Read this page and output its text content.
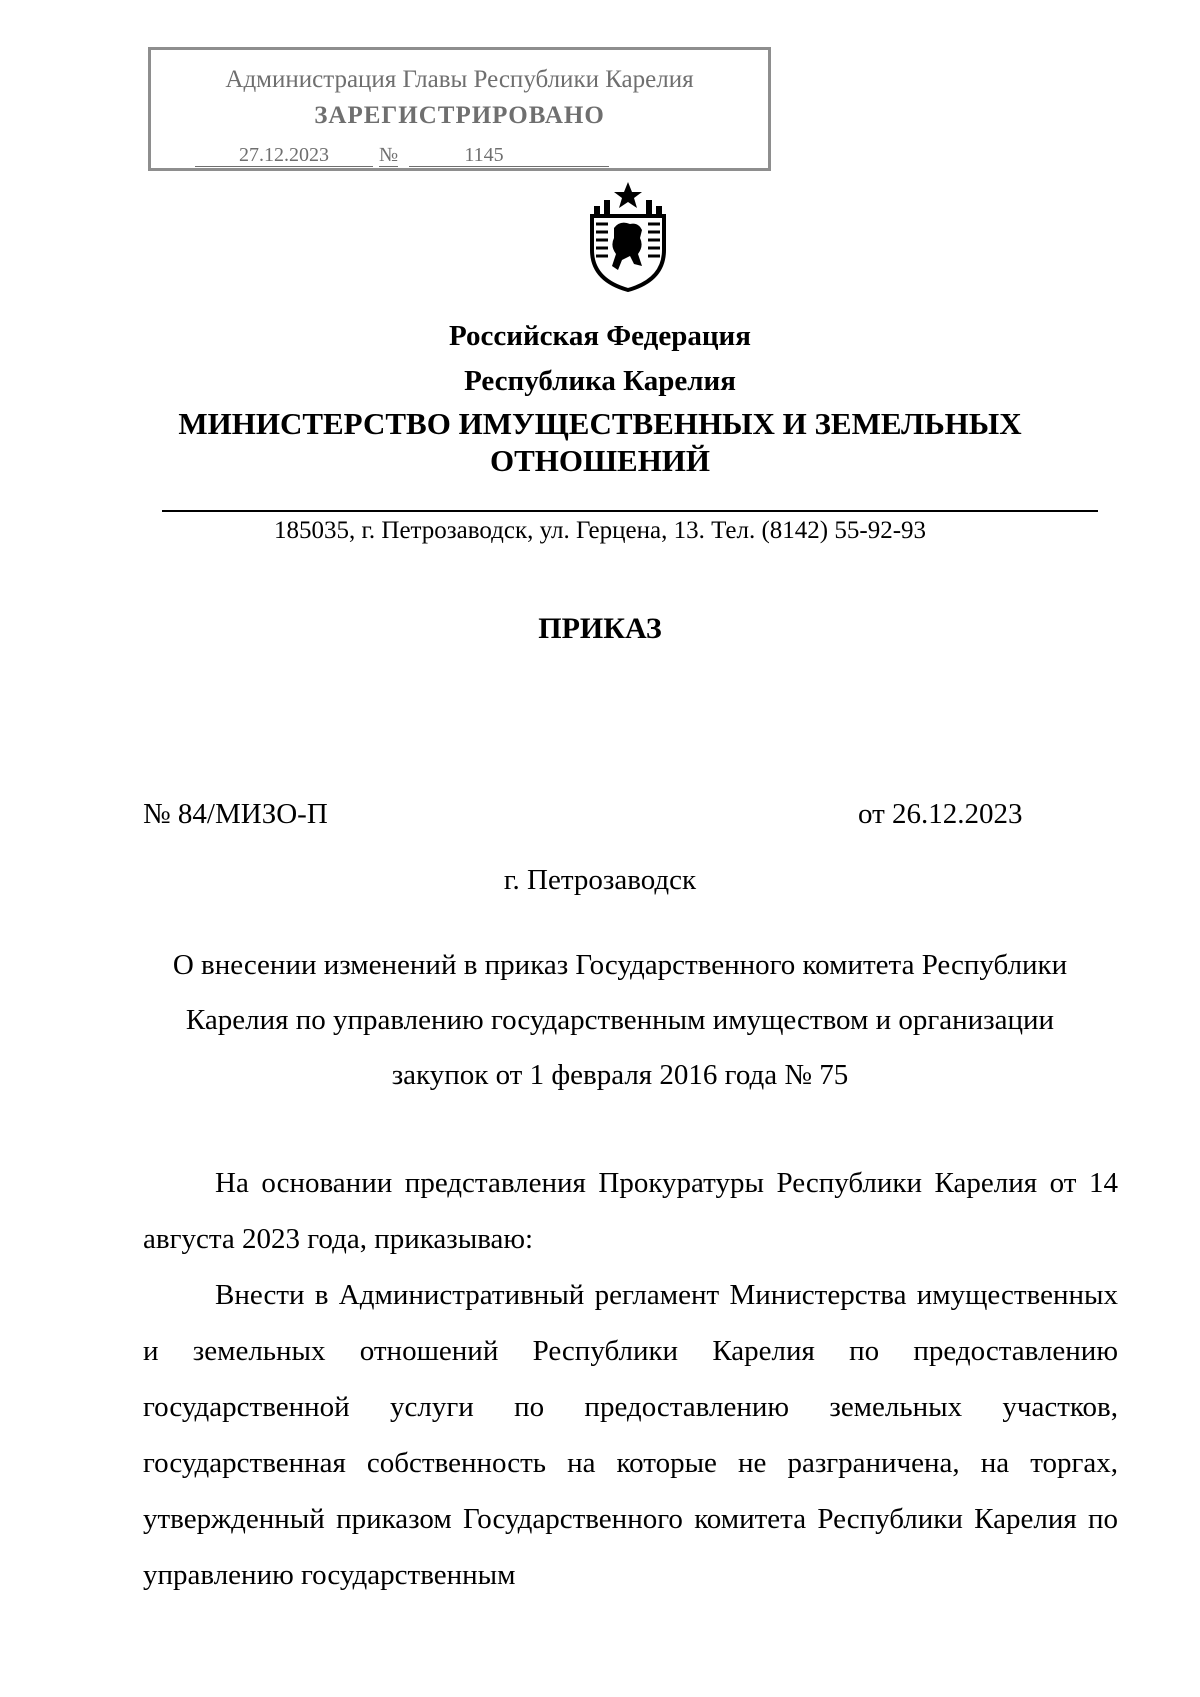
Администрация Главы Республики Карелия
ЗАРЕГИСТРИРОВАНО
27.12.2023	№	1145
Российская Федерация
Республика Карелия
МИНИСТЕРСТВО ИМУЩЕСТВЕННЫХ И ЗЕМЕЛЬНЫХ ОТНОШЕНИЙ
185035, г. Петрозаводск, ул. Герцена, 13. Тел. (8142) 55-92-93
ПРИКАЗ
№ 84/МИЗО-П	от 26.12.2023
г. Петрозаводск
О внесении изменений в приказ Государственного комитета Республики Карелия по управлению государственным имуществом и организации закупок от 1 февраля 2016 года № 75
На основании представления Прокуратуры Республики Карелия от 14 августа 2023 года, приказываю:
Внести в Административный регламент Министерства имущественных и земельных отношений Республики Карелия по предоставлению государственной услуги по предоставлению земельных участков, государственная собственность на которые не разграничена, на торгах, утвержденный приказом Государственного комитета Республики Карелия по управлению государственным
